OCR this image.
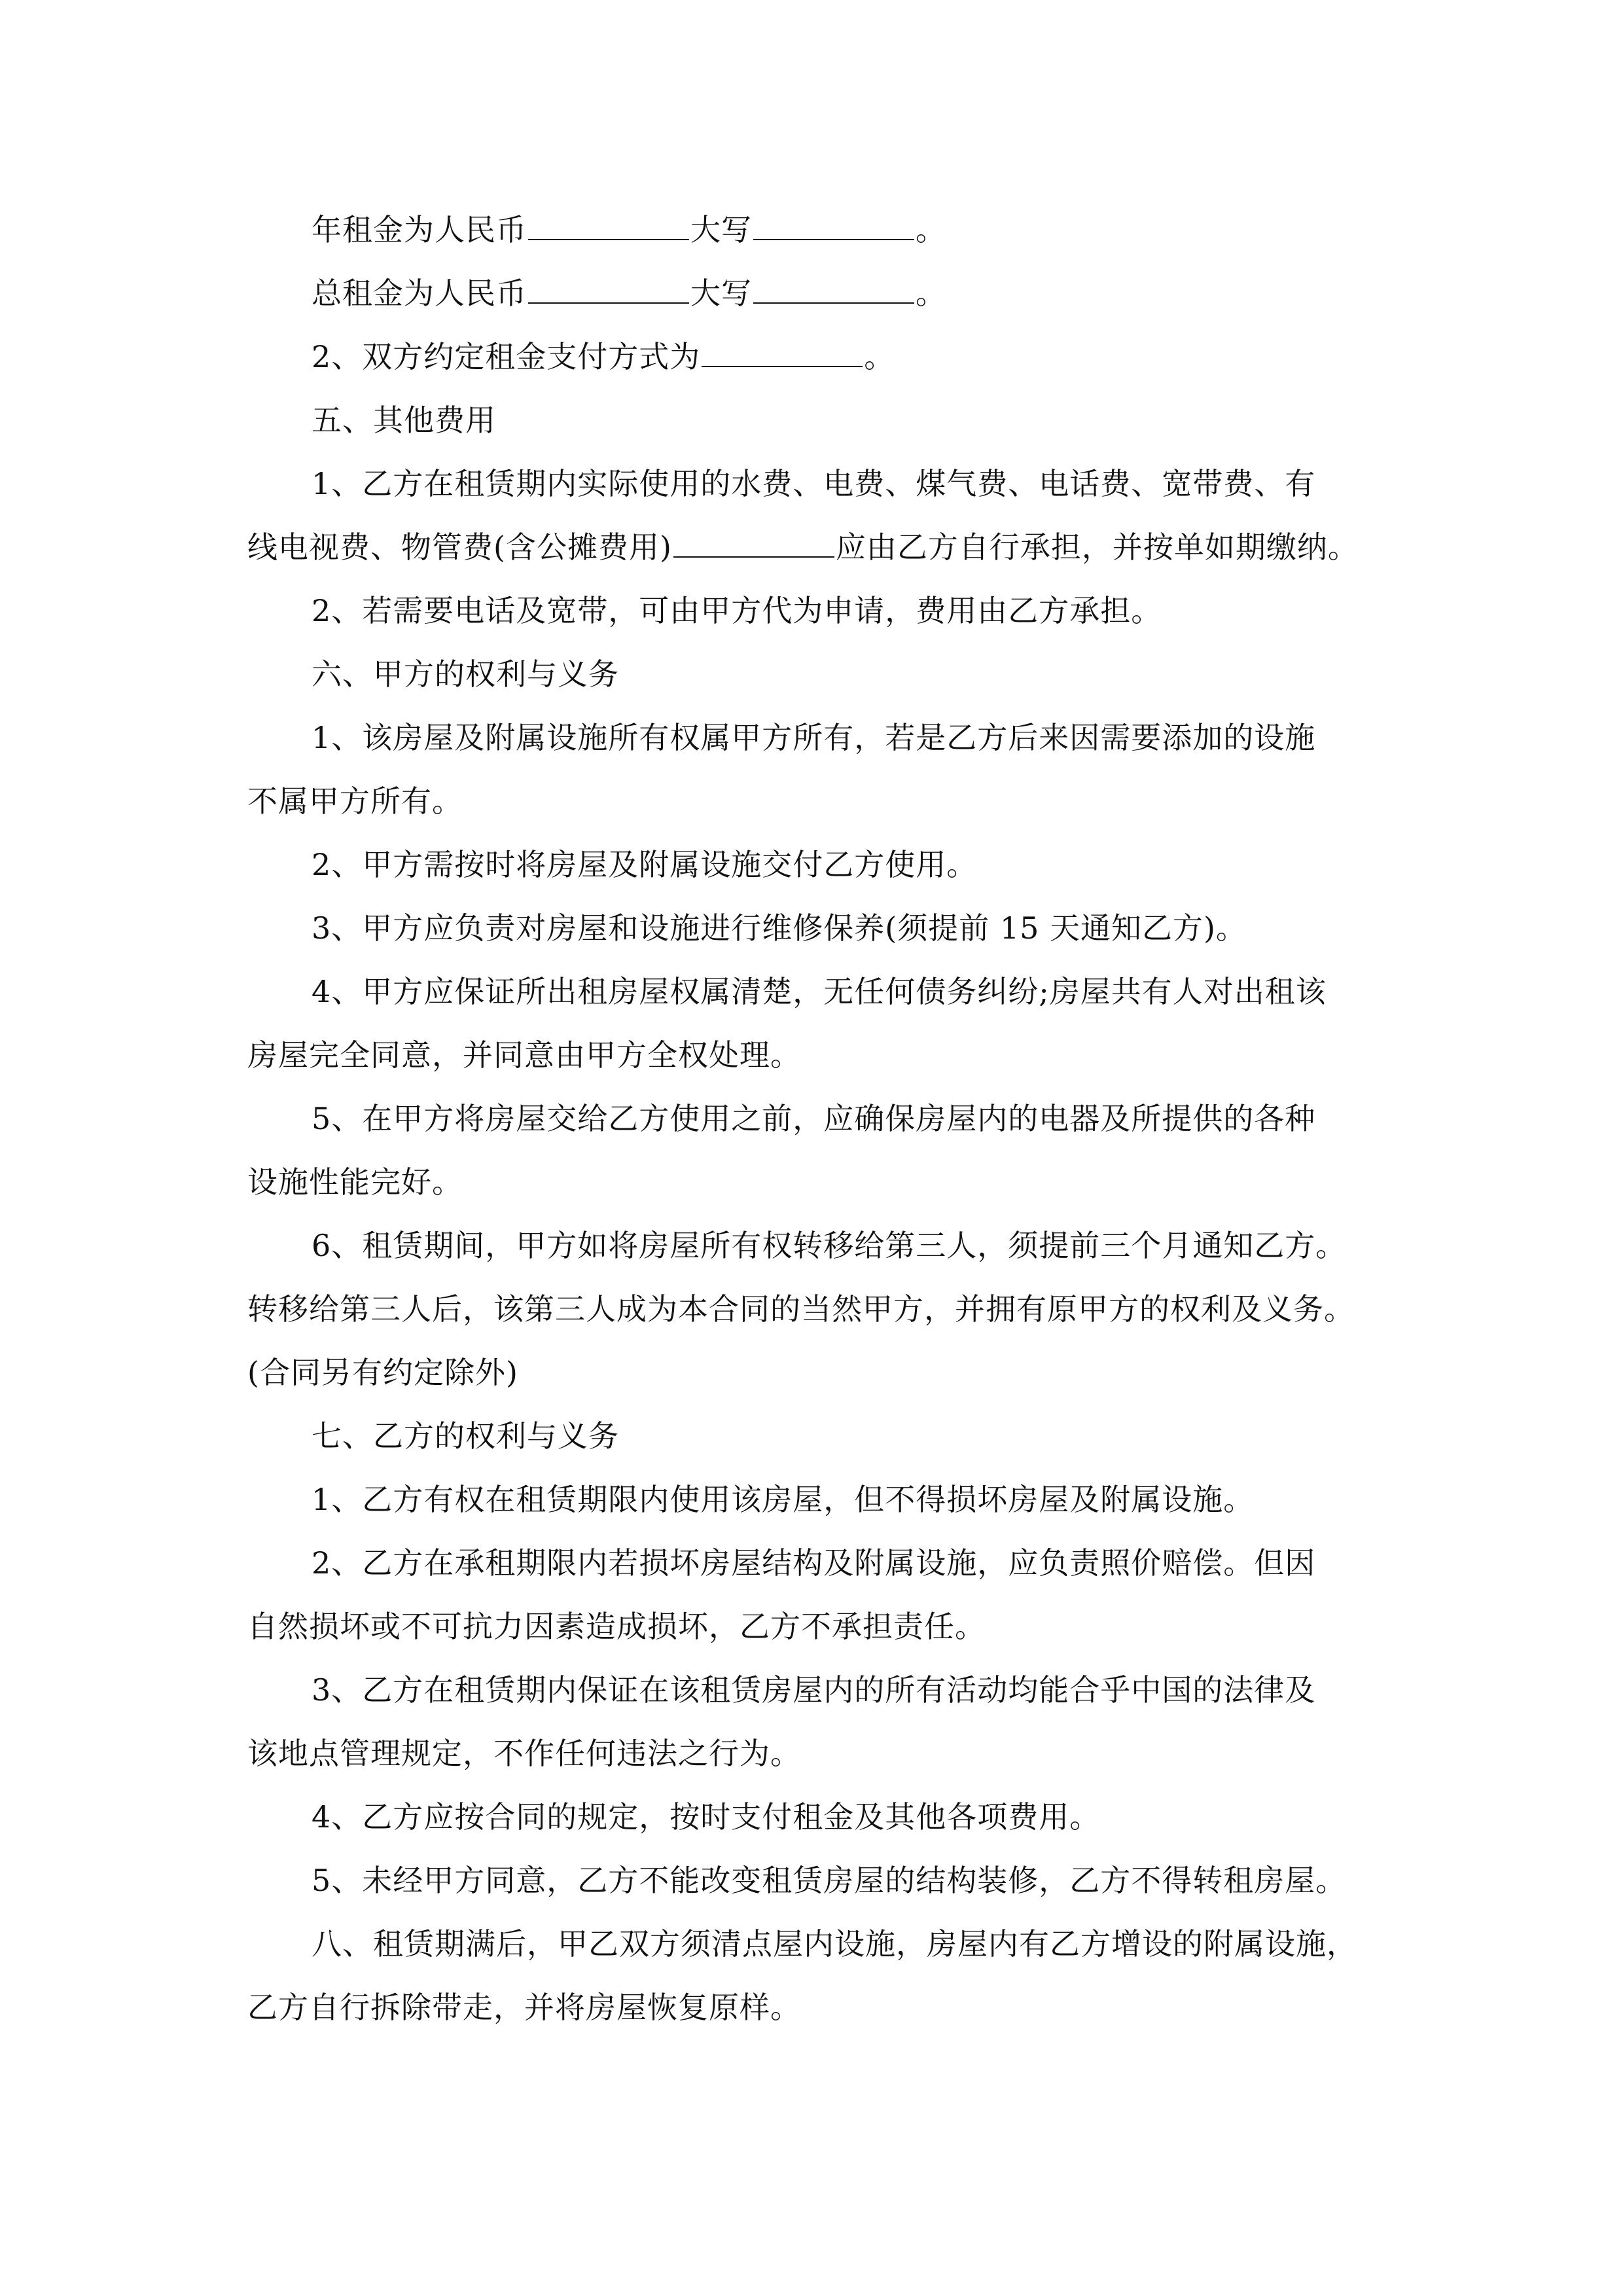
年租金为人民币	大写	。
总租金为人民币	大写	。
2、双方约定租金支付方式为	。
五、其他费用
1、乙方在租赁期内实际使用的水费、电费、煤气费、电话费、宽带费、有
线电视费、物管费(含公摊费用)	应由乙方自行承担，并按单如期缴纳。
2、若需要电话及宽带，可由甲方代为申请，费用由乙方承担。
六、甲方的权利与义务
1、该房屋及附属设施所有权属甲方所有，若是乙方后来因需要添加的设施
不属甲方所有。
2、甲方需按时将房屋及附属设施交付乙方使用。
3、甲方应负责对房屋和设施进行维修保养(须提前 15 天通知乙方)。
4、甲方应保证所出租房屋权属清楚，无任何债务纠纷;房屋共有人对出租该
房屋完全同意，并同意由甲方全权处理。
5、在甲方将房屋交给乙方使用之前，应确保房屋内的电器及所提供的各种
设施性能完好。
6、租赁期间，甲方如将房屋所有权转移给第三人，须提前三个月通知乙方。
转移给第三人后，该第三人成为本合同的当然甲方，并拥有原甲方的权利及义务。
(合同另有约定除外)
七、乙方的权利与义务
1、乙方有权在租赁期限内使用该房屋，但不得损坏房屋及附属设施。
2、乙方在承租期限内若损坏房屋结构及附属设施，应负责照价赔偿。但因
自然损坏或不可抗力因素造成损坏，乙方不承担责任。
3、乙方在租赁期内保证在该租赁房屋内的所有活动均能合乎中国的法律及
该地点管理规定，不作任何违法之行为。
4、乙方应按合同的规定，按时支付租金及其他各项费用。
5、未经甲方同意，乙方不能改变租赁房屋的结构装修，乙方不得转租房屋。
八、租赁期满后，甲乙双方须清点屋内设施，房屋内有乙方增设的附属设施，
乙方自行拆除带走，并将房屋恢复原样。
